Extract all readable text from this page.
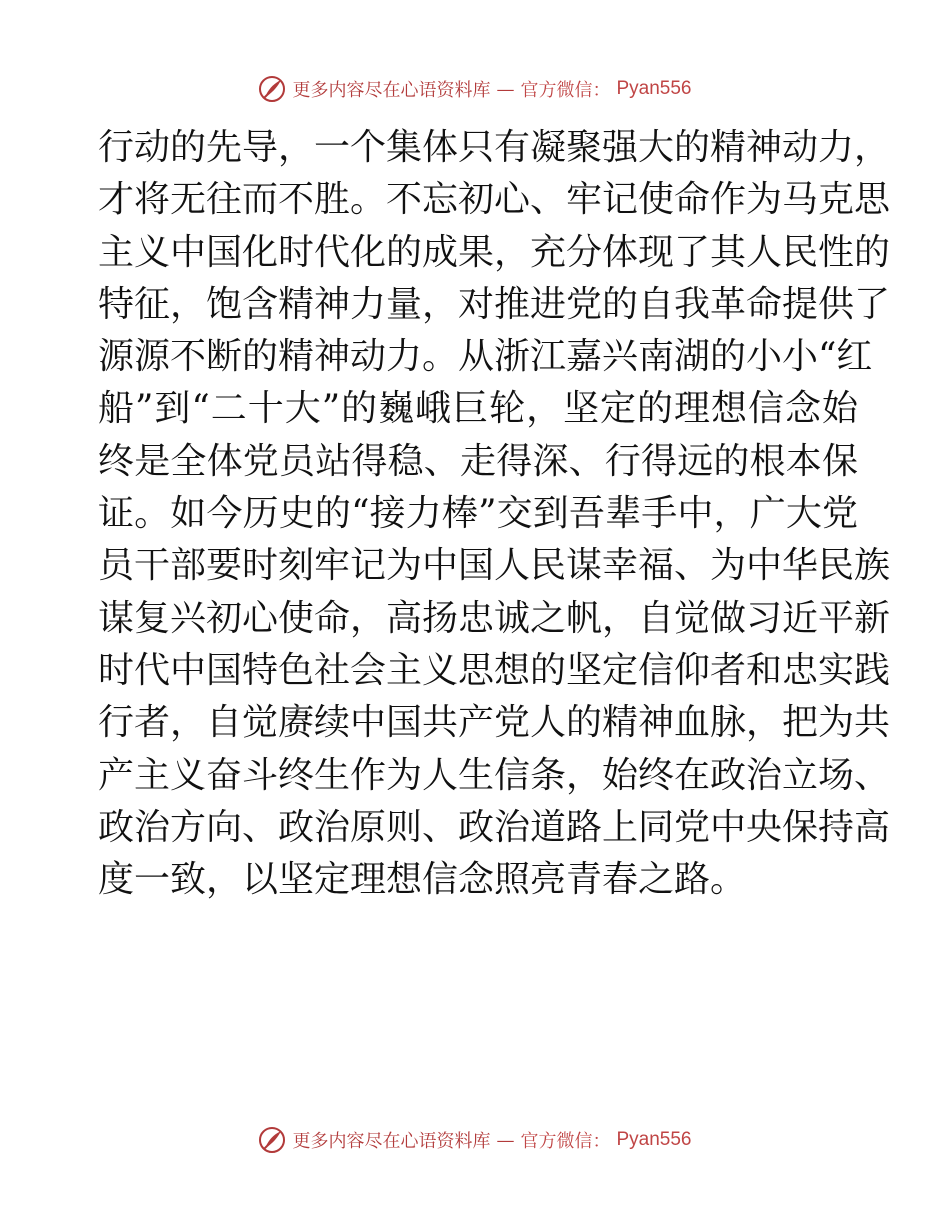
更多内容尽在心语资料库 — 官方微信： Pyan556
行动的先导，一个集体只有凝聚强大的精神动力，
才将无往而不胜。不忘初心、牢记使命作为马克思
主义中国化时代化的成果，充分体现了其人民性的
特征，饱含精神力量，对推进党的自我革命提供了
源源不断的精神动力。从浙江嘉兴南湖的小小“红
船”到“二十大”的巍峨巨轮，坚定的理想信念始
终是全体党员站得稳、走得深、行得远的根本保
证。如今历史的“接力棒”交到吾辈手中，广大党
员干部要时刻牢记为中国人民谋幸福、为中华民族
谋复兴初心使命，高扬忠诚之帆，自觉做习近平新
时代中国特色社会主义思想的坚定信仰者和忠实践
行者，自觉赓续中国共产党人的精神血脉，把为共
产主义奋斗终生作为人生信条，始终在政治立场、
政治方向、政治原则、政治道路上同党中央保持高
度一致，以坚定理想信念照亮青春之路。
更多内容尽在心语资料库 — 官方微信： Pyan556
